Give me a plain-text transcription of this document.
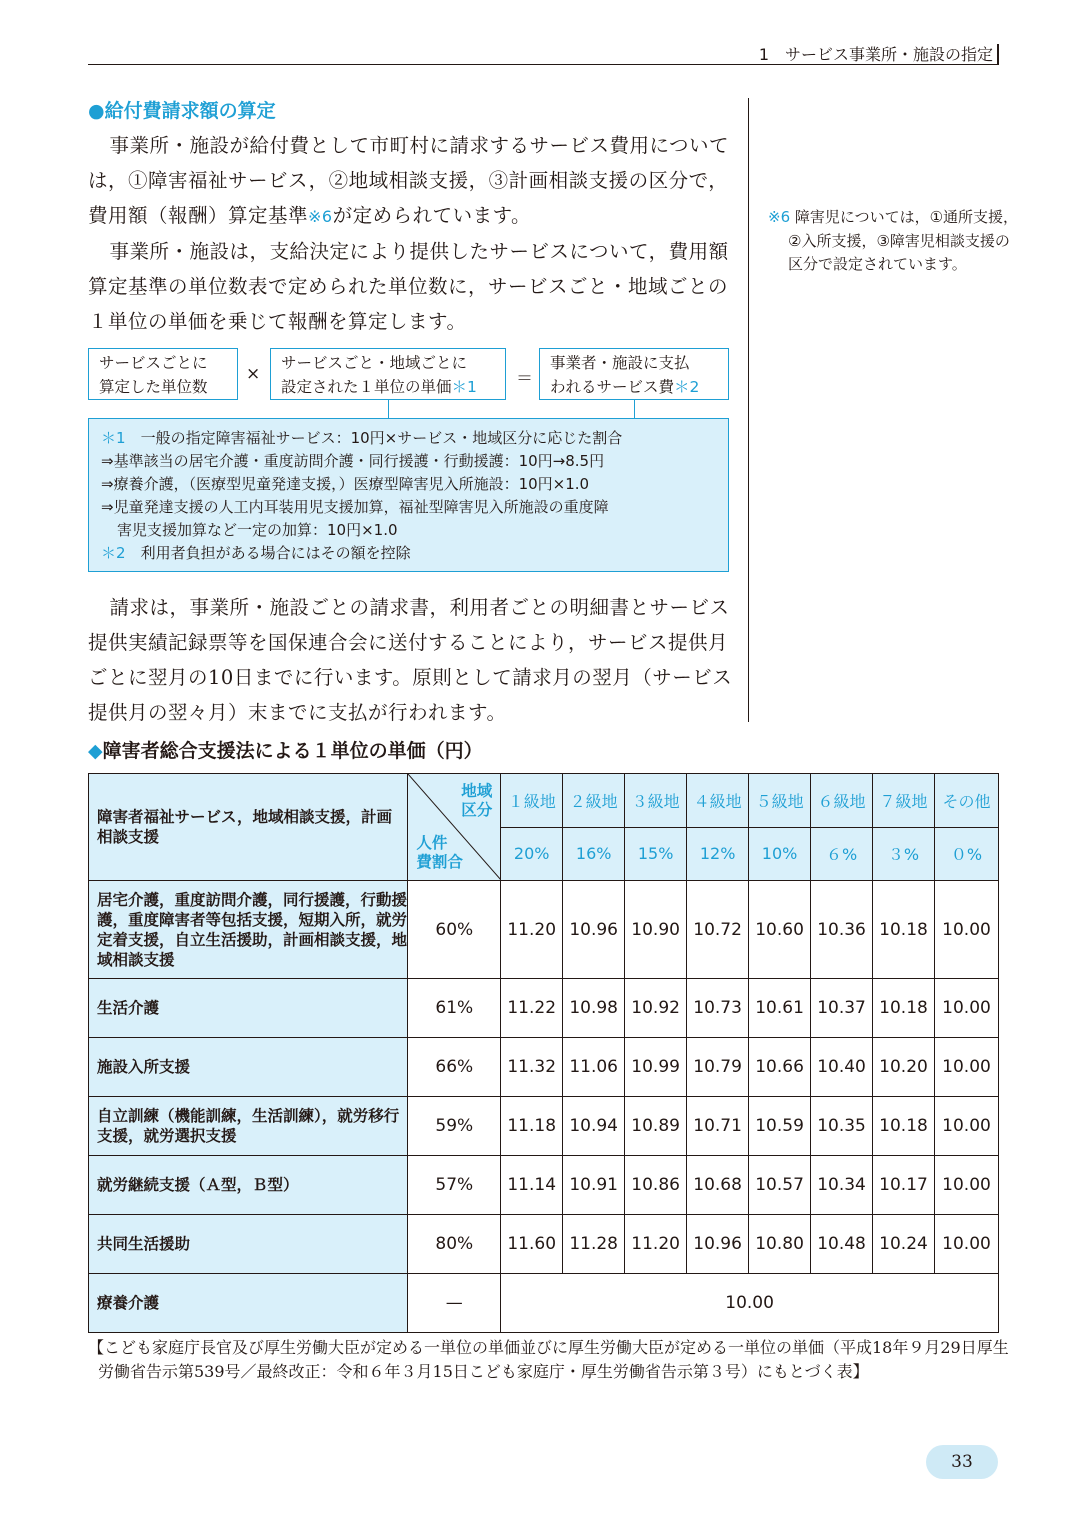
1　サービス事業所・施設の指定
●給付費請求額の算定
事業所・施設が給付費として市町村に請求するサービス費用については，①障害福祉サービス，②地域相談支援，③計画相談支援の区分で，費用額（報酬）算定基準※6が定められています。
事業所・施設は，支給決定により提供したサービスについて，費用額算定基準の単位数表で定められた単位数に，サービスごと・地域ごとの１単位の単価を乗じて報酬を算定します。
※6 障害児については，①通所支援，②入所支援，③障害児相談支援の区分で設定されています。
サービスごとに
算定した単位数
×
サービスごと・地域ごとに
設定された１単位の単価＊1	＝
事業者・施設に支払
われるサービス費＊2
＊1　 一般の指定障害福祉サービス：10円×サービス・地域区分に応じた割合
⇒基準該当の居宅介護・重度訪問介護・同行援護・行動援護：10円→8.5円
⇒療養介護，（医療型児童発達支援，）医療型障害児入所施設：10円×1.0
⇒児童発達支援の人工内耳装用児支援加算，福祉型障害児入所施設の重度障
害児支援加算など一定の加算：10円×1.0
＊2　 利用者負担がある場合にはその額を控除
請求は，事業所・施設ごとの請求書，利用者ごとの明細書とサービス提供実績記録票等を国保連合会に送付することにより，サービス提供月ごとに翌月の10日までに行います。原則として請求月の翌月（サービス提供月の翌々月）末までに支払が行われます。
◆障害者総合支援法による１単位の単価（円）
障害者福祉サービス，地域相談支援，計画相談支援	地域
区分
人件
費割合	１級地	２級地	３級地	４級地	５級地	６級地	７級地	その他
		20%	16%	15%	12%	10%	６%	３%	０%
居宅介護，重度訪問介護，同行援護，行動援護，重度障害者等包括支援，短期入所，就労定着支援，自立生活援助，計画相談支援，地域相談支援	60%	11.20	10.96	10.90	10.72	10.60	10.36	10.18	10.00
生活介護	61%	11.22	10.98	10.92	10.73	10.61	10.37	10.18	10.00
施設入所支援	66%	11.32	11.06	10.99	10.79	10.66	10.40	10.20	10.00
自立訓練（機能訓練，生活訓練），就労移行支援，就労選択支援	59%	11.18	10.94	10.89	10.71	10.59	10.35	10.18	10.00
就労継続支援（Ａ型，Ｂ型）	57%	11.14	10.91	10.86	10.68	10.57	10.34	10.17	10.00
共同生活援助	80%	11.60	11.28	11.20	10.96	10.80	10.48	10.24	10.00
療養介護	—	10.00							
【こども家庭庁長官及び厚生労働大臣が定める一単位の単価並びに厚生労働大臣が定める一単位の単価（平成18年９月29日厚生労働省告示第539号／最終改正：令和６年３月15日こども家庭庁・厚生労働省告示第３号）にもとづく表】
33
